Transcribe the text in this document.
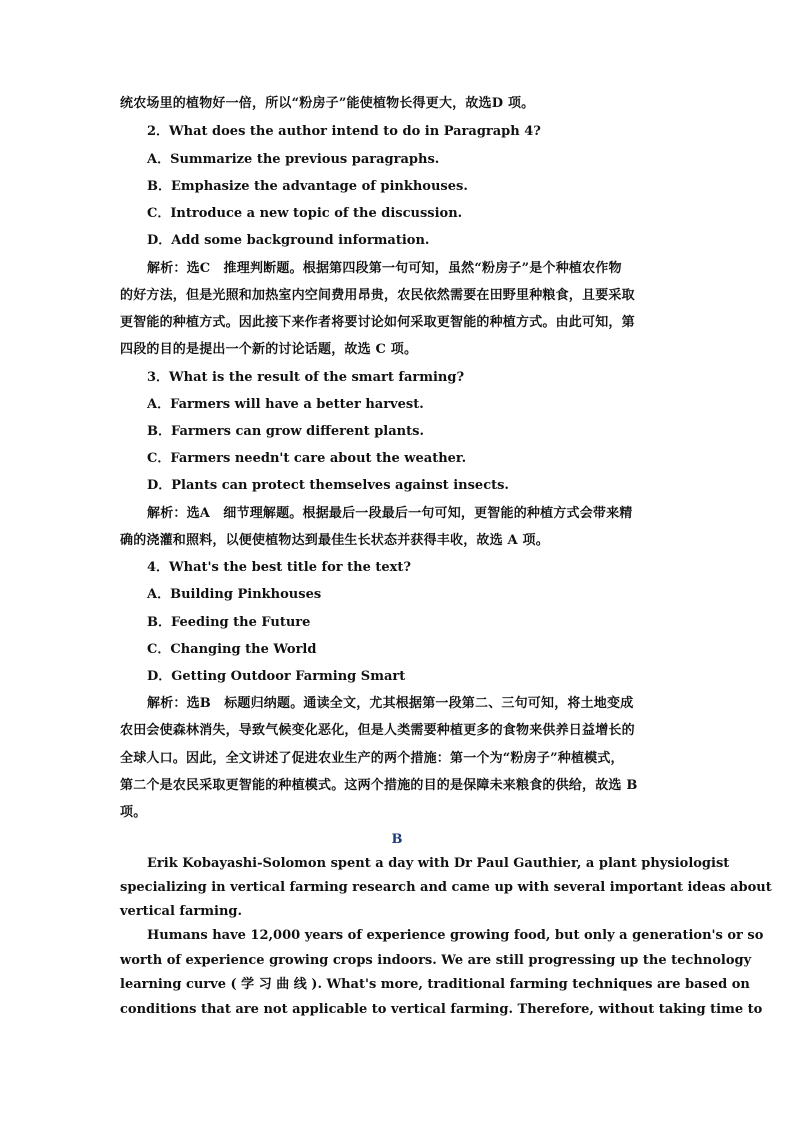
统农场里的植物好一倍，所以“粉房子”能使植物长得更大，故选D 项。
2．What does the author intend to do in Paragraph 4?
A．Summarize the previous paragraphs.
B．Emphasize the advantage of pinkhouses.
C．Introduce a new topic of the discussion.
D．Add some background information.
解析：选C　推理判断题。根据第四段第一句可知，虽然“粉房子”是个种植农作物
的好方法，但是光照和加热室内空间费用昂贵，农民依然需要在田野里种粮食，且要采取
更智能的种植方式。因此接下来作者将要讨论如何采取更智能的种植方式。由此可知，第
四段的目的是提出一个新的讨论话题，故选 C 项。
3．What is the result of the smart farming?
A．Farmers will have a better harvest.
B．Farmers can grow different plants.
C．Farmers needn't care about the weather.
D．Plants can protect themselves against insects.
解析：选A　细节理解题。根据最后一段最后一句可知，更智能的种植方式会带来精
确的浇灌和照料，以便使植物达到最佳生长状态并获得丰收，故选 A 项。
4．What's the best title for the text?
A．Building Pinkhouses
B．Feeding the Future
C．Changing the World
D．Getting Outdoor Farming Smart
解析：选B　标题归纳题。通读全文，尤其根据第一段第二、三句可知，将土地变成
农田会使森林消失，导致气候变化恶化，但是人类需要种植更多的食物来供养日益增长的
全球人口。因此，全文讲述了促进农业生产的两个措施：第一个为“粉房子”种植模式，
第二个是农民采取更智能的种植模式。这两个措施的目的是保障未来粮食的供给，故选 B
项。
B
Erik Kobayashi-Solomon spent a day with Dr Paul Gauthier, a plant physiologist
specializing in vertical farming research and came up with several important ideas about
vertical farming.
Humans have 12,000 years of experience growing food, but only a generation's or so
worth of experience growing crops indoors. We are still progressing up the technology
learning curve ( 学 习 曲 线 ). What's more, traditional farming techniques are based on
conditions that are not applicable to vertical farming. Therefore, without taking time to
